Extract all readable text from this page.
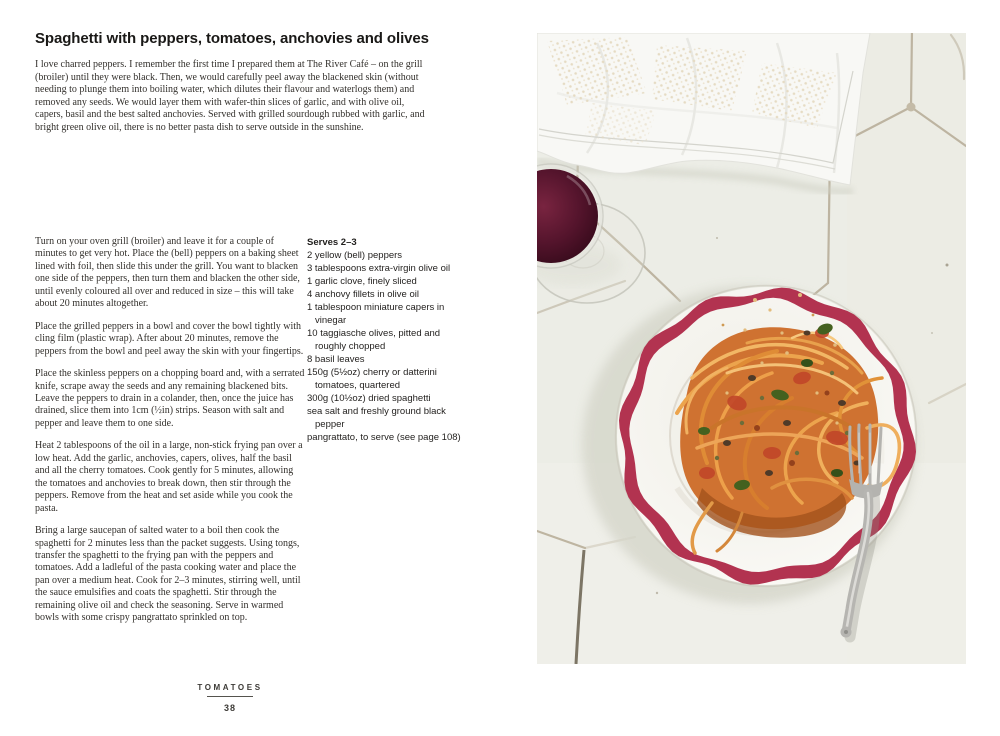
Spaghetti with peppers, tomatoes, anchovies and olives

I love charred peppers. I remember the first time I prepared them at The River Café – on the grill (broiler) until they were black. Then, we would carefully peel away the blackened skin (without needing to plunge them into boiling water, which dilutes their flavour and waterlogs them) and removed any seeds. We would layer them with wafer-thin slices of garlic, and with olive oil, capers, basil and the best salted anchovies. Served with grilled sourdough rubbed with garlic, and bright green olive oil, there is no better pasta dish to serve outside in the sunshine.

Turn on your oven grill (broiler) and leave it for a couple of minutes to get very hot. Place the (bell) peppers on a baking sheet lined with foil, then slide this under the grill. You want to blacken one side of the peppers, then turn them and blacken the other side, until evenly coloured all over and reduced in size – this will take about 20 minutes altogether.

Place the grilled peppers in a bowl and cover the bowl tightly with cling film (plastic wrap). After about 20 minutes, remove the peppers from the bowl and peel away the skin with your fingertips.

Place the skinless peppers on a chopping board and, with a serrated knife, scrape away the seeds and any remaining blackened bits. Leave the peppers to drain in a colander, then, once the juice has drained, slice them into 1cm (½in) strips. Season with salt and pepper and leave them to one side.

Heat 2 tablespoons of the oil in a large, non-stick frying pan over a low heat. Add the garlic, anchovies, capers, olives, half the basil and all the cherry tomatoes. Cook gently for 5 minutes, allowing the tomatoes and anchovies to break down, then stir through the peppers. Remove from the heat and set aside while you cook the pasta.

Bring a large saucepan of salted water to a boil then cook the spaghetti for 2 minutes less than the packet suggests. Using tongs, transfer the spaghetti to the frying pan with the peppers and tomatoes. Add a ladleful of the pasta cooking water and place the pan over a medium heat. Cook for 2–3 minutes, stirring well, until the sauce emulsifies and coats the spaghetti. Stir through the remaining olive oil and check the seasoning. Serve in warmed bowls with some crispy pangrattato sprinkled on top.

Serves 2–3
2 yellow (bell) peppers
3 tablespoons extra-virgin olive oil
1 garlic clove, finely sliced
4 anchovy fillets in olive oil
1 tablespoon miniature capers in vinegar
10 taggiasche olives, pitted and roughly chopped
8 basil leaves
150g (5½oz) cherry or datterini tomatoes, quartered
300g (10½oz) dried spaghetti
sea salt and freshly ground black pepper
pangrattato, to serve (see page 108)
TOMATOES
38
